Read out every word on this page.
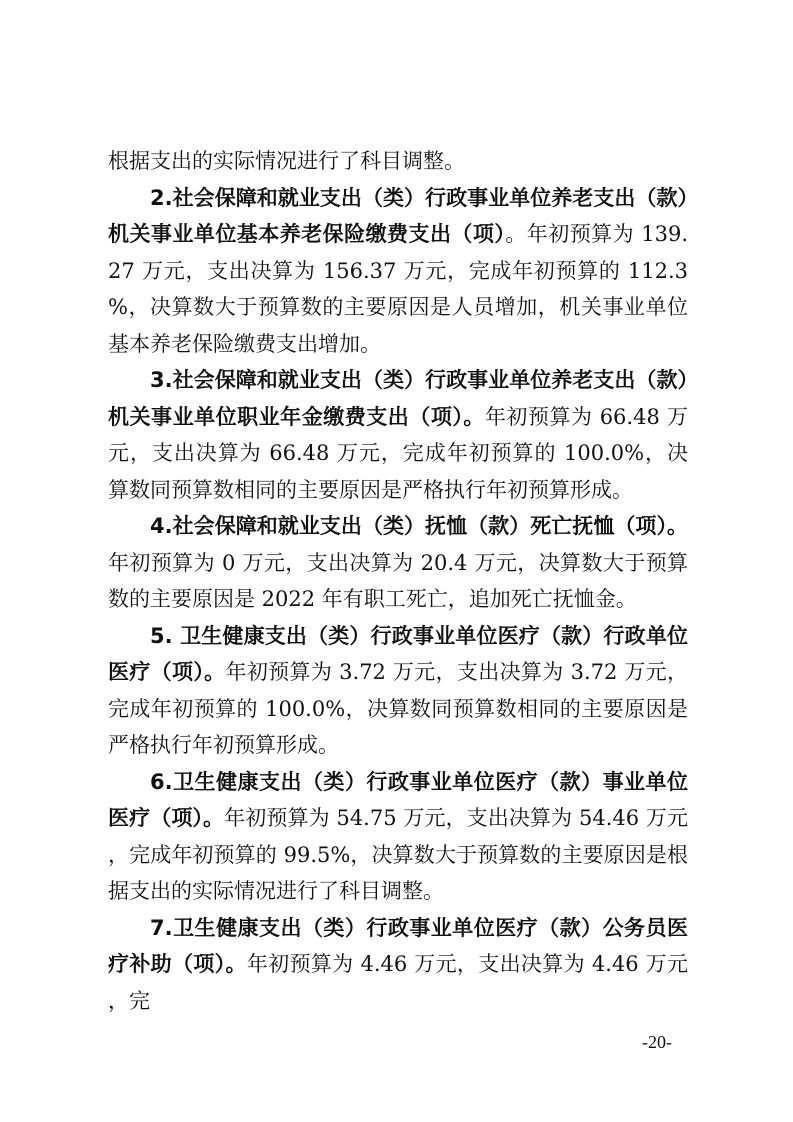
根据支出的实际情况进行了科目调整。

2.社会保障和就业支出（类）行政事业单位养老支出（款）机关事业单位基本养老保险缴费支出（项）。年初预算为 139.27 万元，支出决算为 156.37 万元，完成年初预算的 112.3%，决算数大于预算数的主要原因是人员增加，机关事业单位基本养老保险缴费支出增加。

3.社会保障和就业支出（类）行政事业单位养老支出（款）机关事业单位职业年金缴费支出（项）。年初预算为 66.48 万元，支出决算为 66.48 万元，完成年初预算的 100.0%，决算数同预算数相同的主要原因是严格执行年初预算形成。

4.社会保障和就业支出（类）抚恤（款）死亡抚恤（项）。年初预算为 0 万元，支出决算为 20.4 万元，决算数大于预算数的主要原因是 2022 年有职工死亡，追加死亡抚恤金。

5. 卫生健康支出（类）行政事业单位医疗（款）行政单位医疗（项）。年初预算为 3.72 万元，支出决算为 3.72 万元，完成年初预算的 100.0%，决算数同预算数相同的主要原因是严格执行年初预算形成。

6.卫生健康支出（类）行政事业单位医疗（款）事业单位医疗（项）。年初预算为 54.75 万元，支出决算为 54.46 万元，完成年初预算的 99.5%，决算数大于预算数的主要原因是根据支出的实际情况进行了科目调整。

7.卫生健康支出（类）行政事业单位医疗（款）公务员医疗补助（项）。年初预算为 4.46 万元，支出决算为 4.46 万元，完

-20-
